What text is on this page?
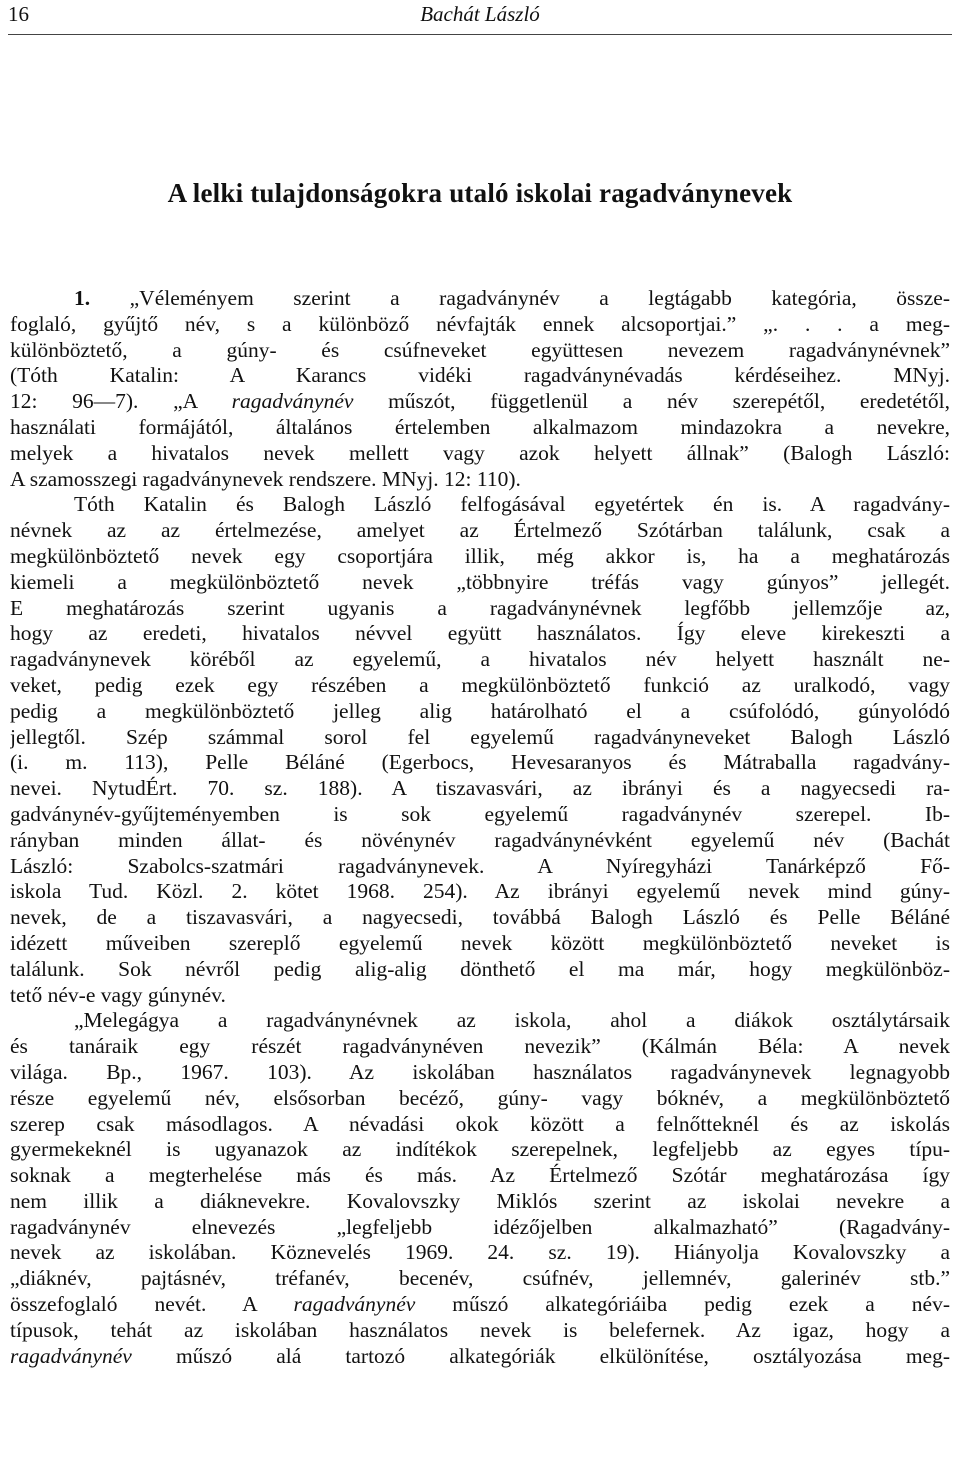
16	Bachát László
A lelki tulajdonságokra utaló iskolai ragadványnevek
1. „Véleményem szerint a ragadványnév a legtágabb kategória, össze-
foglaló, gyűjtő név, s a különböző névfajták ennek alcsoportjai.” „. . . a meg-
különböztető, a gúny- és csúfneveket együttesen nevezem ragadványnévnek”
(Tóth Katalin: A Karancs vidéki ragadványnévadás kérdéseihez. MNyj.
12: 96—7). „A ragadványnév műszót, függetlenül a név szerepétől, eredetétől,
használati formájától, általános értelemben alkalmazom mindazokra a nevekre,
melyek a hivatalos nevek mellett vagy azok helyett állnak” (Balogh László:
A szamosszegi ragadványnevek rendszere. MNyj. 12: 110).
Tóth Katalin és Balogh László felfogásával egyetértek én is. A ragadvány-
névnek az az értelmezése, amelyet az Értelmező Szótárban találunk, csak a
megkülönböztető nevek egy csoportjára illik, még akkor is, ha a meghatározás
kiemeli a megkülönböztető nevek „többnyire tréfás vagy gúnyos” jellegét.
E meghatározás szerint ugyanis a ragadványnévnek legfőbb jellemzője az,
hogy az eredeti, hivatalos névvel együtt használatos. Így eleve kirekeszti a
ragadványnevek köréből az egyelemű, a hivatalos név helyett használt ne-
veket, pedig ezek egy részében a megkülönböztető funkció az uralkodó, vagy
pedig a megkülönböztető jelleg alig határolható el a csúfolódó, gúnyolódó
jellegtől. Szép számmal sorol fel egyelemű ragadványneveket Balogh László
(i. m. 113), Pelle Béláné (Egerbocs, Hevesaranyos és Mátraballa ragadvány-
nevei. NytudÉrt. 70. sz. 188). A tiszavasvári, az ibrányi és a nagyecsedi ra-
gadványnév-gyűjteményemben is sok egyelemű ragadványnév szerepel. Ib-
rányban minden állat- és növénynév ragadványnévként egyelemű név (Bachát
László: Szabolcs-szatmári ragadványnevek. A Nyíregyházi Tanárképző Fő-
iskola Tud. Közl. 2. kötet 1968. 254). Az ibrányi egyelemű nevek mind gúny-
nevek, de a tiszavasvári, a nagyecsedi, továbbá Balogh László és Pelle Béláné
idézett műveiben szereplő egyelemű nevek között megkülönböztető neveket is
találunk. Sok névről pedig alig-alig dönthető el ma már, hogy megkülönböz-
tető név-e vagy gúnynév.
„Melegágya a ragadványnévnek az iskola, ahol a diákok osztálytársaik
és tanáraik egy részét ragadványnéven nevezik” (Kálmán Béla: A nevek
világa. Bp., 1967. 103). Az iskolában használatos ragadványnevek legnagyobb
része egyelemű név, elsősorban becéző, gúny- vagy bóknév, a megkülönböztető
szerep csak másodlagos. A névadási okok között a felnőtteknél és az iskolás
gyermekeknél is ugyanazok az indítékok szerepelnek, legfeljebb az egyes típu-
soknak a megterhelése más és más. Az Értelmező Szótár meghatározása így
nem illik a diáknevekre. Kovalovszky Miklós szerint az iskolai nevekre a
ragadványnév elnevezés „legfeljebb idézőjelben alkalmazható” (Ragadvány-
nevek az iskolában. Köznevelés 1969. 24. sz. 19). Hiányolja Kovalovszky a
„diáknév, pajtásnév, tréfanév, becenév, csúfnév, jellemnév, galerinév stb.”
összefoglaló nevét. A ragadványnév műszó alkategóriáiba pedig ezek a név-
típusok, tehát az iskolában használatos nevek is belefernek. Az igaz, hogy a
ragadványnév műszó alá tartozó alkategóriák elkülönítése, osztályozása meg-
